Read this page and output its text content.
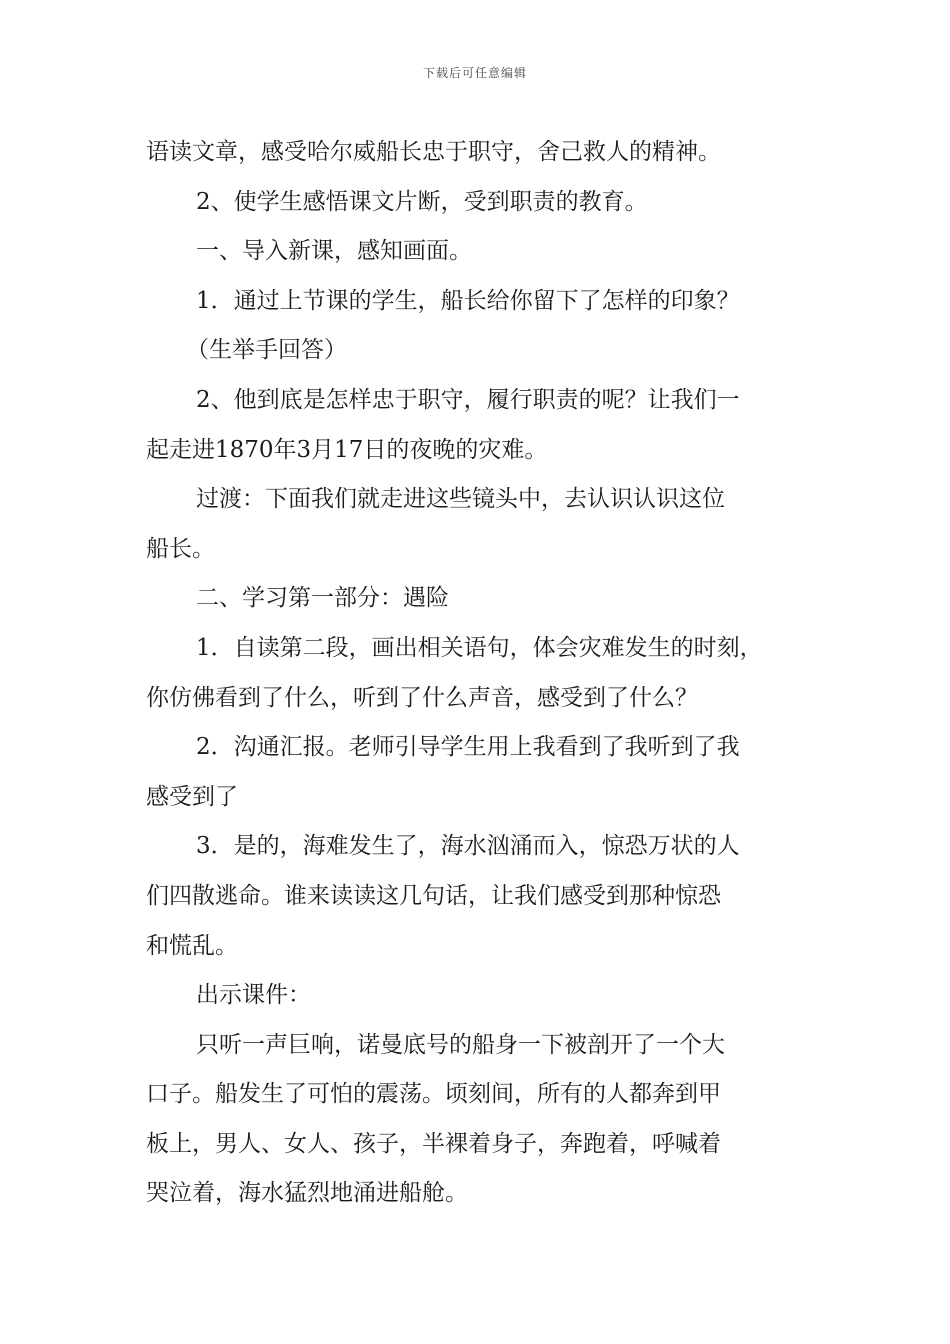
下载后可任意编辑
语读文章，感受哈尔威船长忠于职守，舍己救人的精神。
2、使学生感悟课文片断，受到职责的教育。
一、导入新课，感知画面。
1．通过上节课的学生，船长给你留下了怎样的印象？
（生举手回答）
2、他到底是怎样忠于职守，履行职责的呢？让我们一
起走进1870年3月17日的夜晚的灾难。
过渡：下面我们就走进这些镜头中，去认识认识这位
船长。
二、学习第一部分：遇险
1．自读第二段，画出相关语句，体会灾难发生的时刻，
你仿佛看到了什么，听到了什么声音，感受到了什么？
2．沟通汇报。老师引导学生用上我看到了我听到了我
感受到了
3．是的，海难发生了，海水汹涌而入，惊恐万状的人
们四散逃命。谁来读读这几句话，让我们感受到那种惊恐
和慌乱。
出示课件：
只听一声巨响，诺曼底号的船身一下被剖开了一个大
口子。船发生了可怕的震荡。顷刻间，所有的人都奔到甲
板上，男人、女人、孩子，半裸着身子，奔跑着，呼喊着
哭泣着，海水猛烈地涌进船舱。
